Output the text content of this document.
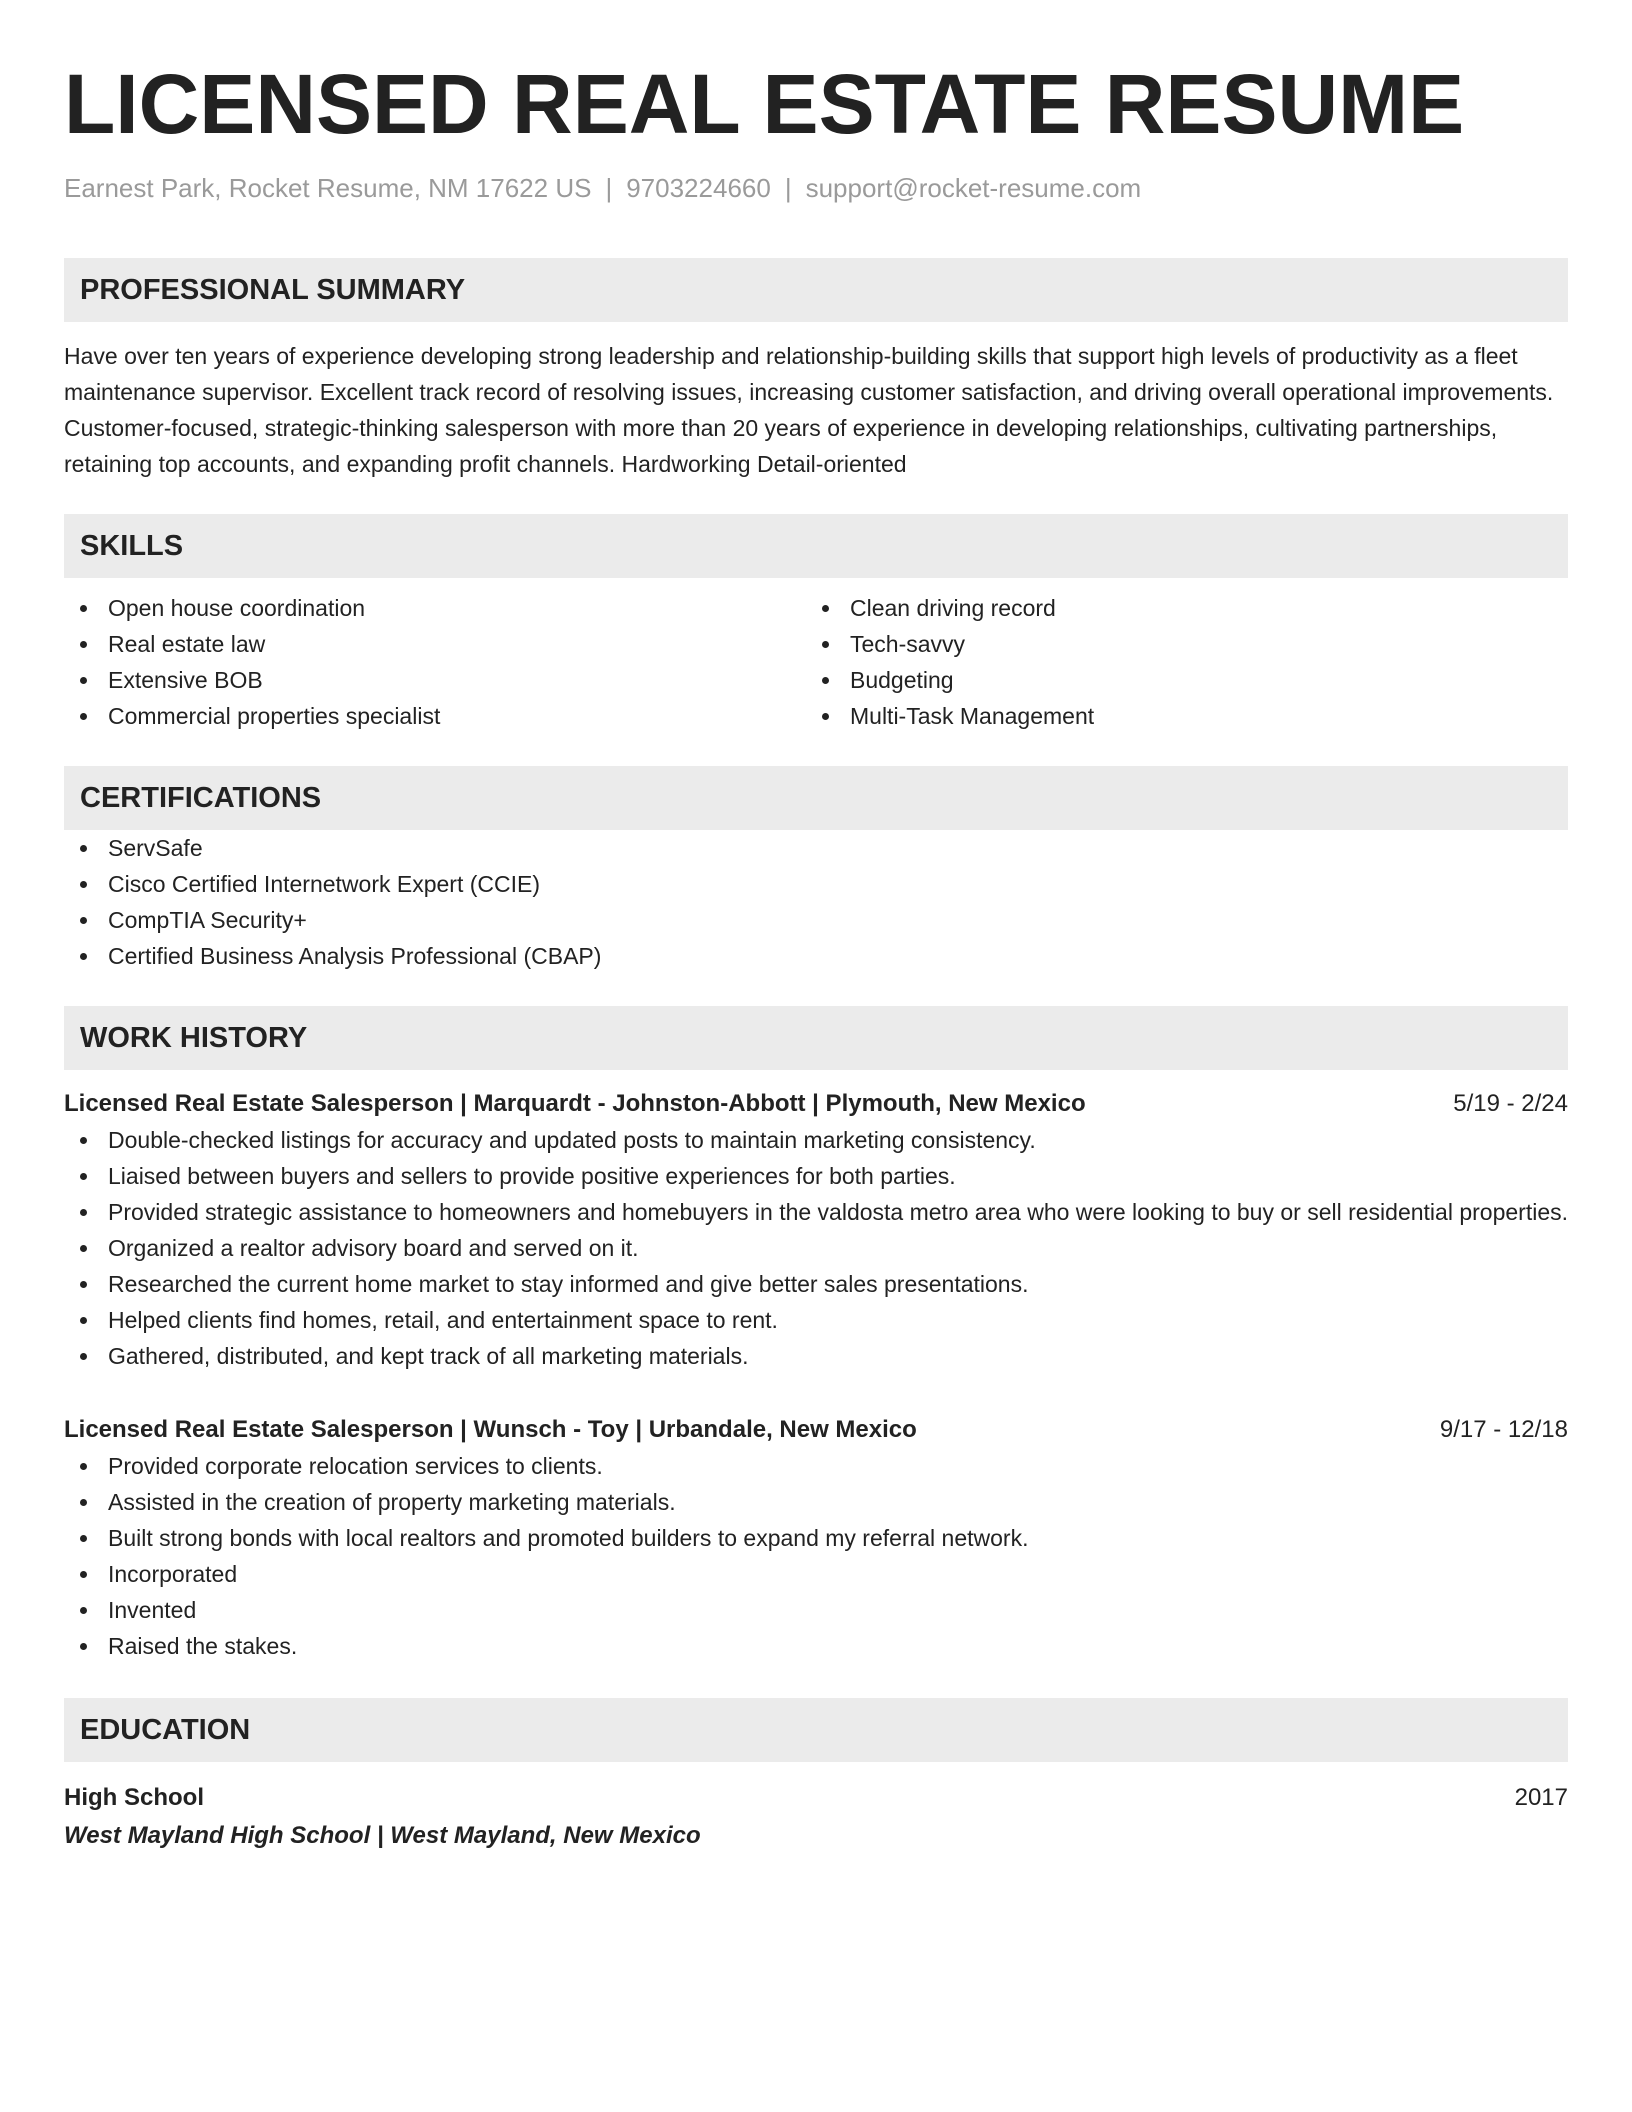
LICENSED REAL ESTATE RESUME
Earnest Park, Rocket Resume, NM 17622 US | 9703224660 | support@rocket-resume.com
PROFESSIONAL SUMMARY
Have over ten years of experience developing strong leadership and relationship-building skills that support high levels of productivity as a fleet maintenance supervisor. Excellent track record of resolving issues, increasing customer satisfaction, and driving overall operational improvements. Customer-focused, strategic-thinking salesperson with more than 20 years of experience in developing relationships, cultivating partnerships, retaining top accounts, and expanding profit channels. Hardworking Detail-oriented
SKILLS
Open house coordination
Real estate law
Extensive BOB
Commercial properties specialist
Clean driving record
Tech-savvy
Budgeting
Multi-Task Management
CERTIFICATIONS
ServSafe
Cisco Certified Internetwork Expert (CCIE)
CompTIA Security+
Certified Business Analysis Professional (CBAP)
WORK HISTORY
Licensed Real Estate Salesperson | Marquardt - Johnston-Abbott | Plymouth, New Mexico	5/19 - 2/24
Double-checked listings for accuracy and updated posts to maintain marketing consistency.
Liaised between buyers and sellers to provide positive experiences for both parties.
Provided strategic assistance to homeowners and homebuyers in the valdosta metro area who were looking to buy or sell residential properties.
Organized a realtor advisory board and served on it.
Researched the current home market to stay informed and give better sales presentations.
Helped clients find homes, retail, and entertainment space to rent.
Gathered, distributed, and kept track of all marketing materials.
Licensed Real Estate Salesperson | Wunsch - Toy | Urbandale, New Mexico	9/17 - 12/18
Provided corporate relocation services to clients.
Assisted in the creation of property marketing materials.
Built strong bonds with local realtors and promoted builders to expand my referral network.
Incorporated
Invented
Raised the stakes.
EDUCATION
High School	2017
West Mayland High School | West Mayland, New Mexico
